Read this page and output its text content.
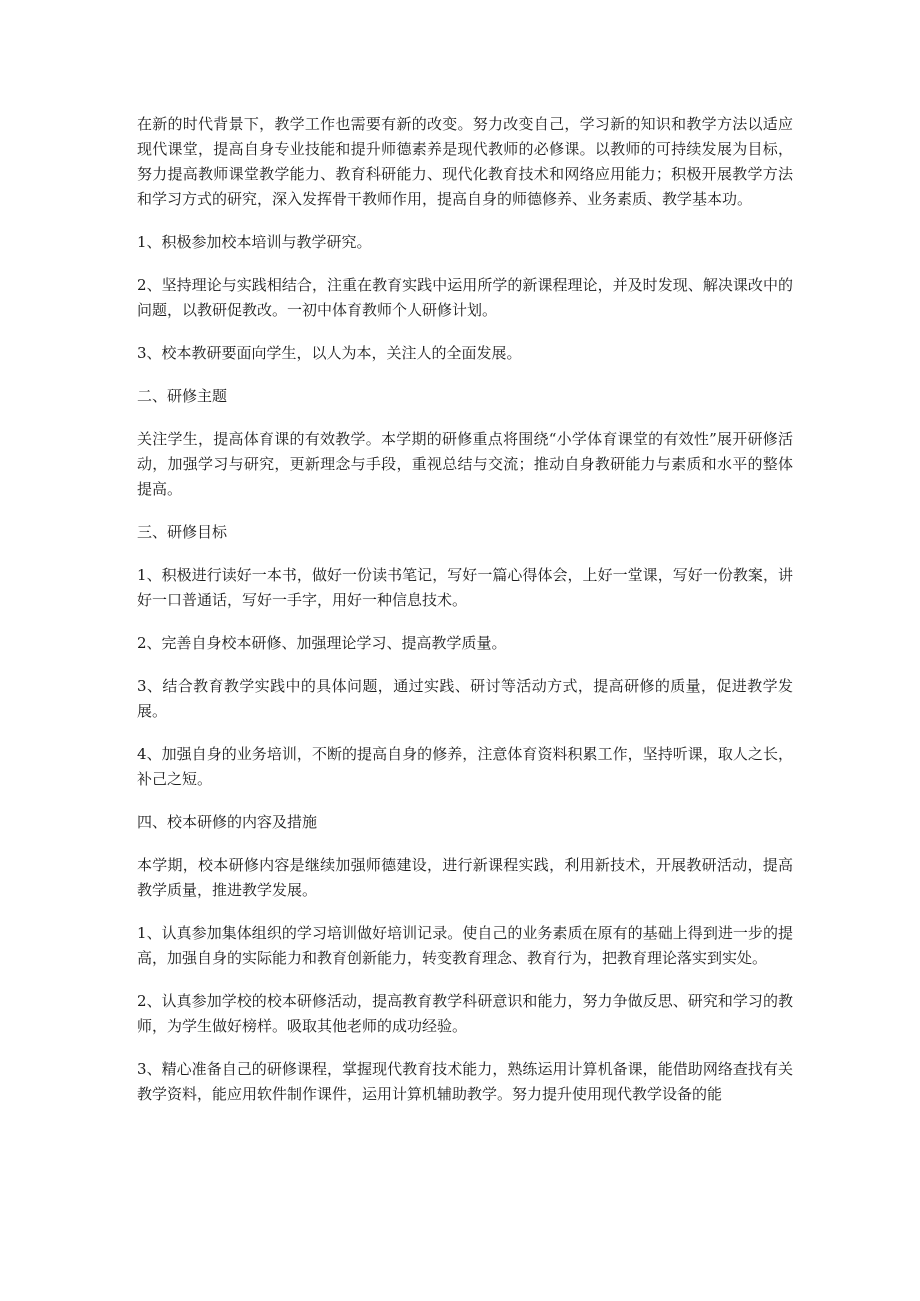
在新的时代背景下，教学工作也需要有新的改变。努力改变自己，学习新的知识和教学方法以适应现代课堂，提高自身专业技能和提升师德素养是现代教师的必修课。以教师的可持续发展为目标，努力提高教师课堂教学能力、教育科研能力、现代化教育技术和网络应用能力；积极开展教学方法和学习方式的研究，深入发挥骨干教师作用，提高自身的师德修养、业务素质、教学基本功。

1、积极参加校本培训与教学研究。

2、坚持理论与实践相结合，注重在教育实践中运用所学的新课程理论，并及时发现、解决课改中的问题，以教研促教改。一初中体育教师个人研修计划。

3、校本教研要面向学生，以人为本，关注人的全面发展。

二、研修主题

关注学生，提高体育课的有效教学。本学期的研修重点将围绕“小学体育课堂的有效性”展开研修活动，加强学习与研究，更新理念与手段，重视总结与交流；推动自身教研能力与素质和水平的整体提高。

三、研修目标

1、积极进行读好一本书，做好一份读书笔记，写好一篇心得体会，上好一堂课，写好一份教案，讲好一口普通话，写好一手字，用好一种信息技术。

2、完善自身校本研修、加强理论学习、提高教学质量。

3、结合教育教学实践中的具体问题，通过实践、研讨等活动方式，提高研修的质量，促进教学发展。

4、加强自身的业务培训，不断的提高自身的修养，注意体育资料积累工作，坚持听课，取人之长，补己之短。

四、校本研修的内容及措施

本学期，校本研修内容是继续加强师德建设，进行新课程实践，利用新技术，开展教研活动，提高教学质量，推进教学发展。

1、认真参加集体组织的学习培训做好培训记录。使自己的业务素质在原有的基础上得到进一步的提高，加强自身的实际能力和教育创新能力，转变教育理念、教育行为，把教育理论落实到实处。

2、认真参加学校的校本研修活动，提高教育教学科研意识和能力，努力争做反思、研究和学习的教师，为学生做好榜样。吸取其他老师的成功经验。

3、精心准备自己的研修课程，掌握现代教育技术能力，熟练运用计算机备课，能借助网络查找有关教学资料，能应用软件制作课件，运用计算机辅助教学。努力提升使用现代教学设备的能
